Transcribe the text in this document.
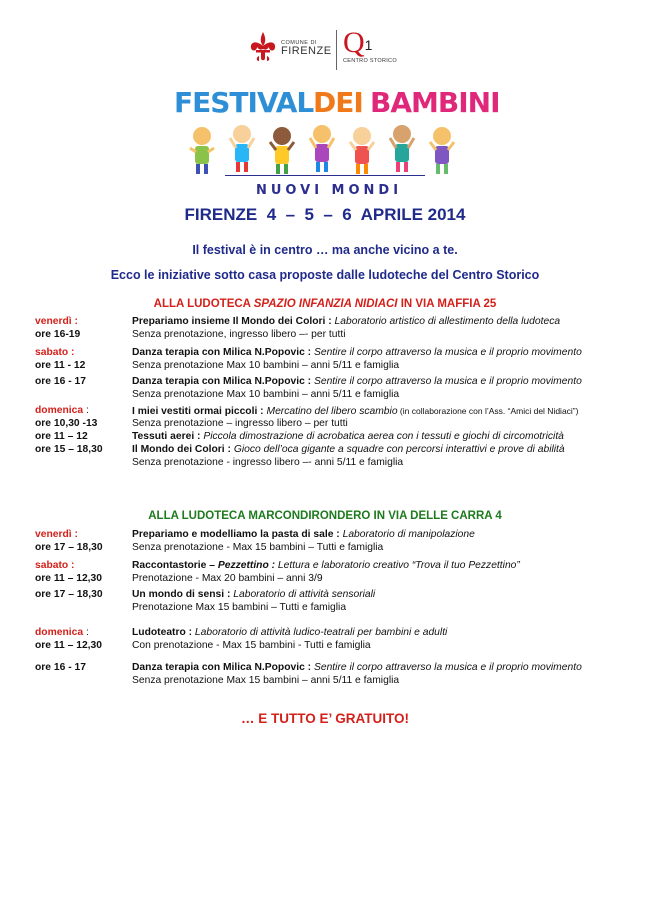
COMUNE DI
FIRENZE Q1
CENTRO STORICO
FESTIVAL DEI BAMBINI
NUOVI MONDI
FIRENZE  4  –  5  –  6  APRILE 2014
Il festival è in centro … ma anche vicino a te.
Ecco le iniziative sotto casa proposte dalle ludoteche del Centro Storico
ALLA LUDOTECA SPAZIO INFANZIA NIDIACI IN VIA MAFFIA 25
venerdì :	Prepariamo insieme Il Mondo dei Colori : Laboratorio artistico di allestimento della ludoteca
ore 16-19	Senza prenotazione, ingresso libero –- per tutti
sabato :	Danza terapia con Milica N.Popovic : Sentire il corpo attraverso la musica e il proprio movimento
ore 11 - 12	Senza prenotazione Max 10 bambini – anni 5/11 e famiglia
ore 16 - 17	Danza terapia con Milica N.Popovic : Sentire il corpo attraverso la musica e il proprio movimento
Senza prenotazione Max 10 bambini – anni 5/11 e famiglia
domenica :	I miei vestiti ormai piccoli : Mercatino del libero scambio (in collaborazione con l’Ass. “Amici del Nidiaci”)
ore 10,30 -13	Senza prenotazione – ingresso libero – per tutti
ore 11 – 12	Tessuti aerei : Piccola dimostrazione di acrobatica aerea con i tessuti e giochi di circomotricità
ore 15 – 18,30	Il Mondo dei Colori : Gioco dell’oca gigante a squadre con percorsi interattivi e prove di abilità
Senza prenotazione - ingresso libero –- anni 5/11 e famiglia
ALLA LUDOTECA MARCONDIRONDERO IN VIA DELLE CARRA 4
venerdì :	Prepariamo e modelliamo la pasta di sale : Laboratorio di manipolazione
ore 17 – 18,30	Senza prenotazione - Max 15 bambini – Tutti e famiglia
sabato :	Raccontastorie – Pezzettino : Lettura e laboratorio creativo “Trova il tuo Pezzettino”
ore 11 – 12,30	Prenotazione - Max 20 bambini – anni 3/9
ore 17 – 18,30	Un mondo di sensi : Laboratorio di attività sensoriali
Prenotazione Max 15 bambini – Tutti e famiglia
domenica :	Ludoteatro : Laboratorio di attività ludico-teatrali per bambini e adulti
ore 11 – 12,30	Con prenotazione - Max 15 bambini - Tutti e famiglia
ore 16 - 17	Danza terapia con Milica N.Popovic : Sentire il corpo attraverso la musica e il proprio movimento
Senza prenotazione Max 15 bambini – anni 5/11 e famiglia
… E TUTTO E’ GRATUITO!
